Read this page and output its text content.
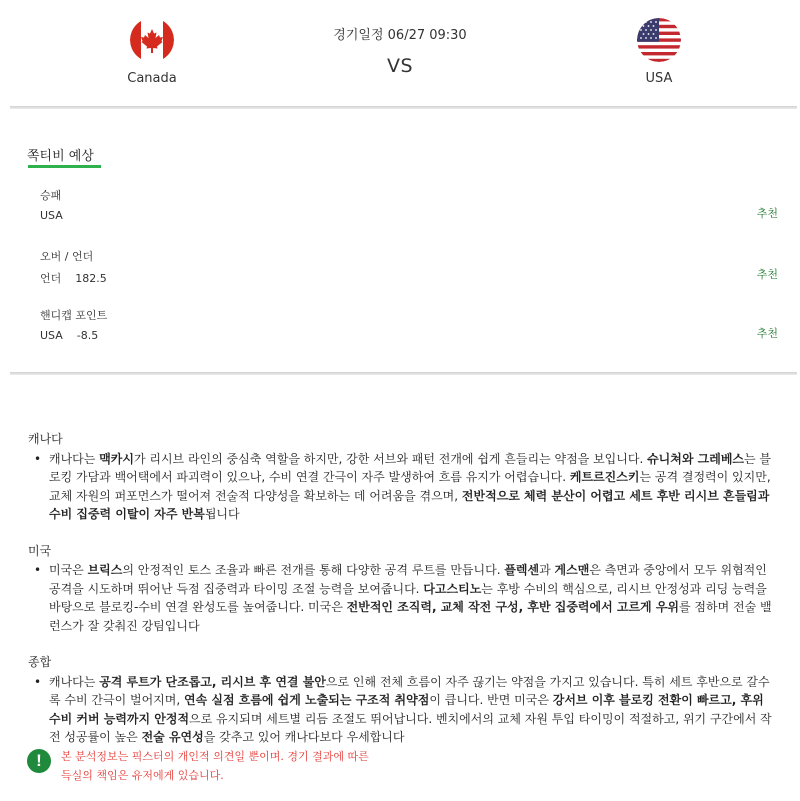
Canada
경기일정 06/27 09:30
VS
USA
쪽티비 예상
승패
USA	추천
오버 / 언더
언더 182.5	추천
핸디캡 포인트
USA -8.5	추천
캐나다
• 캐나다는 맥카시가 리시브 라인의 중심축 역할을 하지만, 강한 서브와 패턴 전개에 쉽게 흔들리는 약점을 보입니다. 슈니쳐와 그레베스는 블로킹 가담과 백어택에서 파괴력이 있으나, 수비 연결 간극이 자주 발생하여 흐름 유지가 어렵습니다. 케트르진스키는 공격 결정력이 있지만, 교체 자원의 퍼포먼스가 떨어져 전술적 다양성을 확보하는 데 어려움을 겪으며, 전반적으로 체력 분산이 어렵고 세트 후반 리시브 흔들림과 수비 집중력 이탈이 자주 반복됩니다
미국
• 미국은 브릭스의 안정적인 토스 조율과 빠른 전개를 통해 다양한 공격 루트를 만듭니다. 플렉센과 게스맨은 측면과 중앙에서 모두 위협적인 공격을 시도하며 뛰어난 득점 집중력과 타이밍 조절 능력을 보여줍니다. 다고스티노는 후방 수비의 핵심으로, 리시브 안정성과 리딩 능력을 바탕으로 블로킹-수비 연결 완성도를 높여줍니다. 미국은 전반적인 조직력, 교체 작전 구성, 후반 집중력에서 고르게 우위를 점하며 전술 밸런스가 잘 갖춰진 강팀입니다
종합
• 캐나다는 공격 루트가 단조롭고, 리시브 후 연결 불안으로 인해 전체 흐름이 자주 끊기는 약점을 가지고 있습니다. 특히 세트 후반으로 갈수록 수비 간극이 벌어지며, 연속 실점 흐름에 쉽게 노출되는 구조적 취약점이 큽니다. 반면 미국은 강서브 이후 블로킹 전환이 빠르고, 후위 수비 커버 능력까지 안정적으로 유지되며 세트별 리듬 조절도 뛰어납니다. 벤치에서의 교체 자원 투입 타이밍이 적절하고, 위기 구간에서 작전 성공률이 높은 전술 유연성을 갖추고 있어 캐나다보다 우세합니다
!	본 분석정보는 픽스터의 개인적 의견일 뿐이며. 경기 결과에 따른
득실의 책임은 유저에게 있습니다.
